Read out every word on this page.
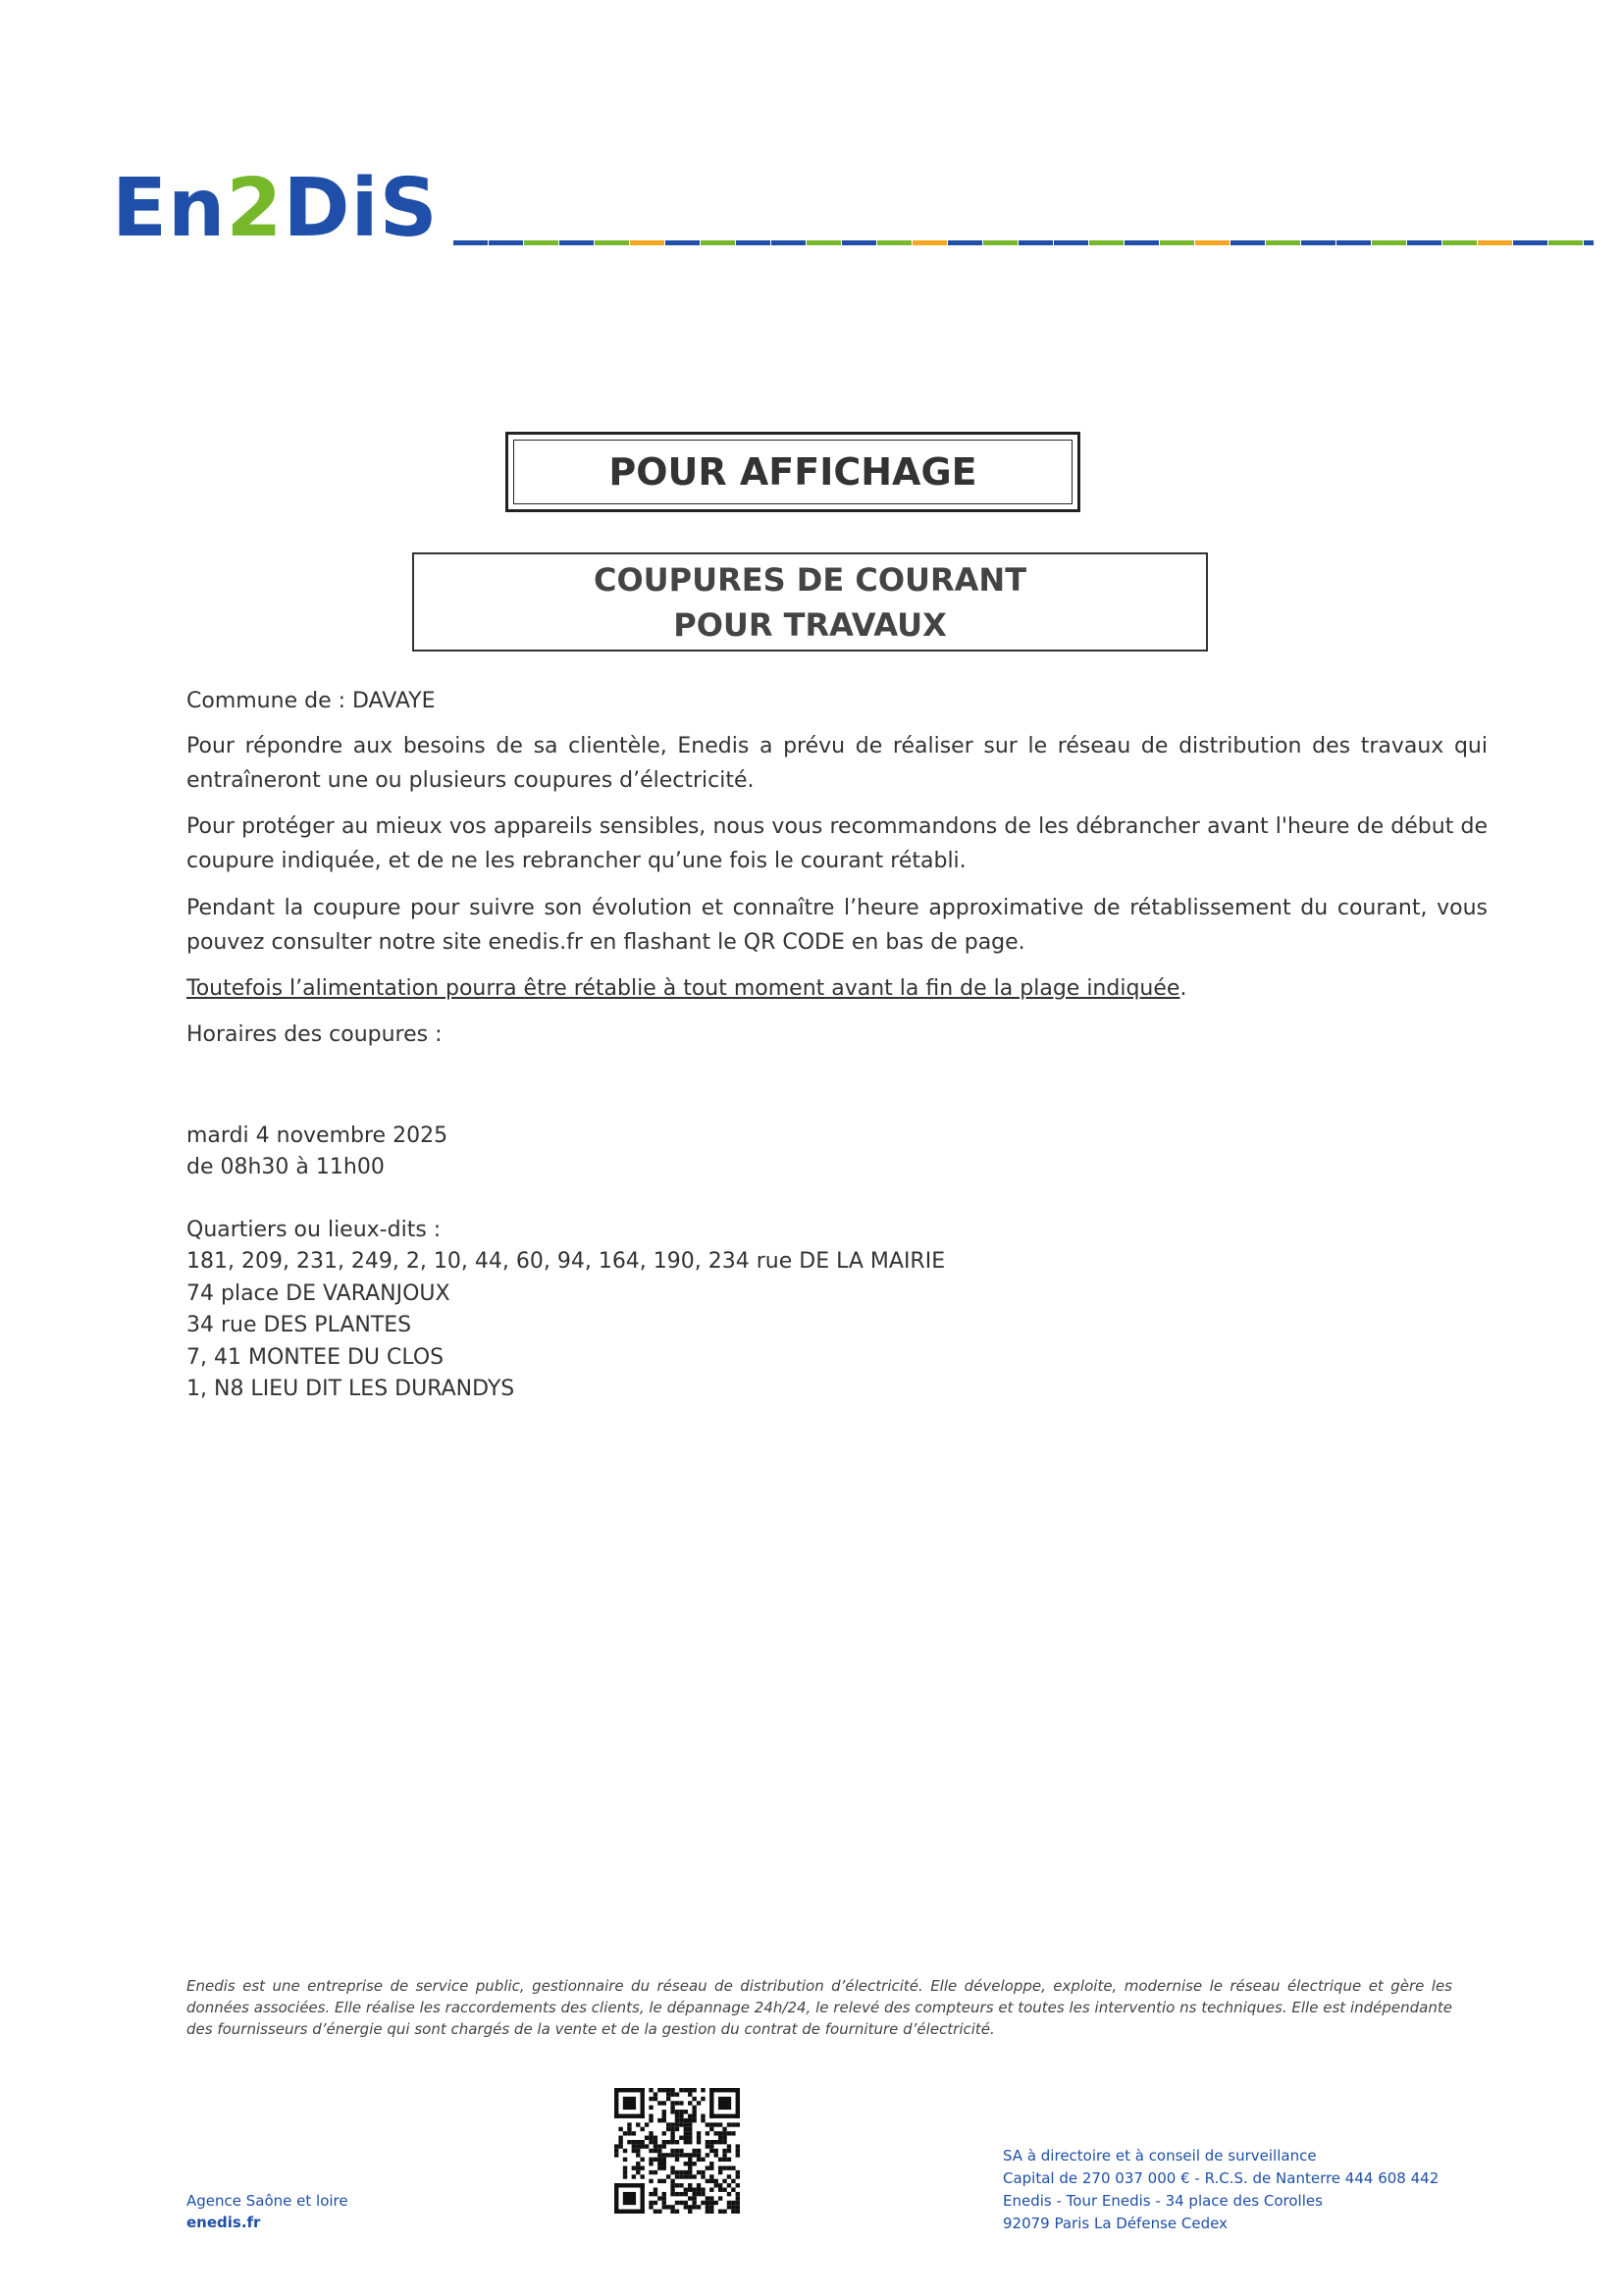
En2DiS
POUR AFFICHAGE
COUPURES DE COURANT
POUR TRAVAUX
Commune de : DAVAYE
Pour répondre aux besoins de sa clientèle, Enedis a prévu de réaliser sur le réseau de distribution des travaux qui entraîneront une ou plusieurs coupures d’électricité.
Pour protéger au mieux vos appareils sensibles, nous vous recommandons de les débrancher avant l'heure de début de coupure indiquée, et de ne les rebrancher qu’une fois le courant rétabli.
Pendant la coupure pour suivre son évolution et connaître l’heure approximative de rétablissement du courant, vous pouvez consulter notre site enedis.fr en flashant le QR CODE en bas de page.
Toutefois l’alimentation pourra être rétablie à tout moment avant la fin de la plage indiquée.
Horaires des coupures :
mardi 4 novembre 2025
de 08h30 à 11h00
Quartiers ou lieux-dits :
181, 209, 231, 249, 2, 10, 44, 60, 94, 164, 190, 234 rue DE LA MAIRIE
74 place DE VARANJOUX
34 rue DES PLANTES
7, 41 MONTEE DU CLOS
1, N8 LIEU DIT LES DURANDYS
Enedis est une entreprise de service public, gestionnaire du réseau de distribution d’électricité. Elle développe, exploite, modernise le réseau électrique et gère les données associées. Elle réalise les raccordements des clients, le dépannage 24h/24, le relevé des compteurs et toutes les interventio ns techniques. Elle est indépendante des fournisseurs d’énergie qui sont chargés de la vente et de la gestion du contrat de fourniture d’électricité.
Agence Saône et loire
enedis.fr
SA à directoire et à conseil de surveillance
Capital de 270 037 000 € - R.C.S. de Nanterre 444 608 442
Enedis - Tour Enedis - 34 place des Corolles
92079 Paris La Défense Cedex
